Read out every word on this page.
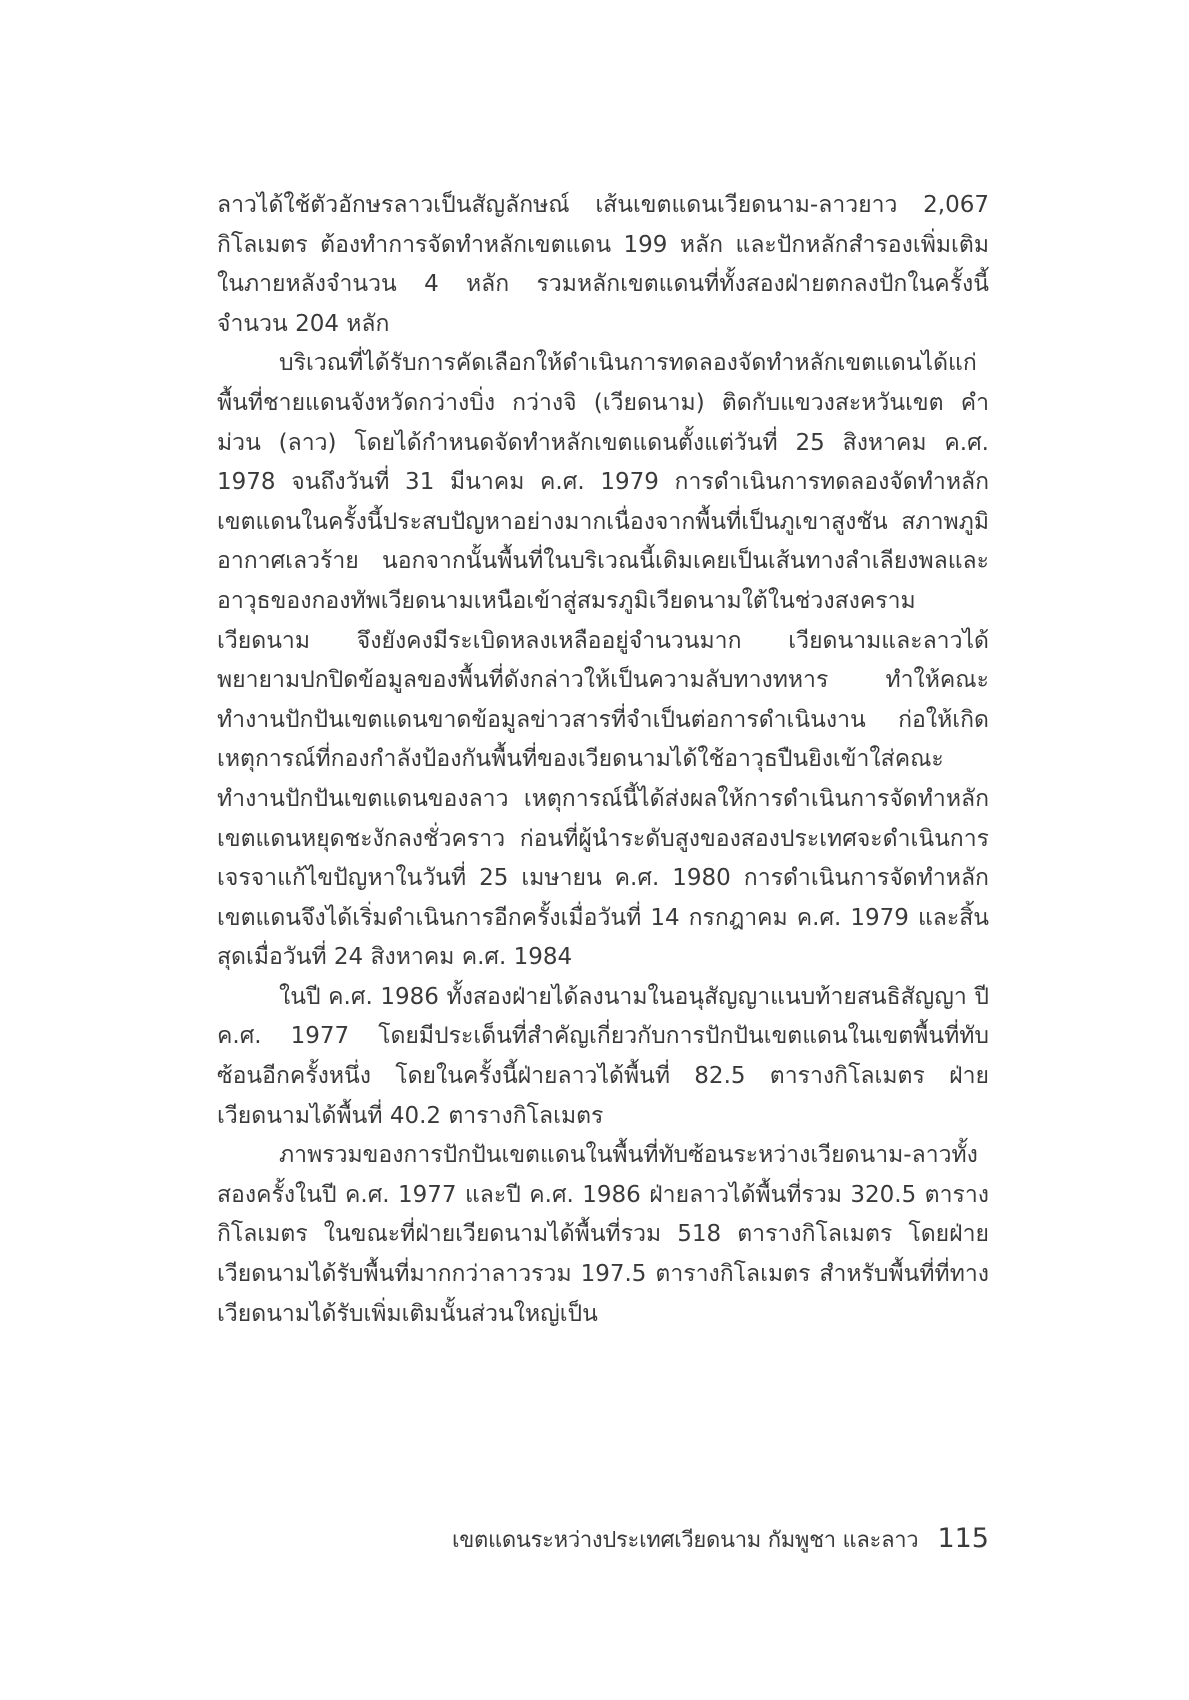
ลาวได้ใช้ตัวอักษรลาวเป็นสัญลักษณ์ เส้นเขตแดนเวียดนาม-ลาวยาว 2,067 กิโลเมตร ต้องทำการจัดทำหลักเขตแดน 199 หลัก และปักหลักสำรองเพิ่มเติมในภายหลังจำนวน 4 หลัก รวมหลักเขตแดนที่ทั้งสองฝ่ายตกลงปักในครั้งนี้จำนวน 204 หลัก

บริเวณที่ได้รับการคัดเลือกให้ดำเนินการทดลองจัดทำหลักเขตแดนได้แก่ พื้นที่ชายแดนจังหวัดกว่างบิ่ง กว่างจิ (เวียดนาม) ติดกับแขวงสะหวันเขต คำม่วน (ลาว) โดยได้กำหนดจัดทำหลักเขตแดนตั้งแต่วันที่ 25 สิงหาคม ค.ศ. 1978 จนถึงวันที่ 31 มีนาคม ค.ศ. 1979 การดำเนินการทดลองจัดทำหลักเขตแดนในครั้งนี้ประสบปัญหาอย่างมากเนื่องจากพื้นที่เป็นภูเขาสูงชัน สภาพภูมิอากาศเลวร้าย นอกจากนั้นพื้นที่ในบริเวณนี้เดิมเคยเป็นเส้นทางลำเลียงพลและอาวุธของกองทัพเวียดนามเหนือเข้าสู่สมรภูมิเวียดนามใต้ในช่วงสงครามเวียดนาม จึงยังคงมีระเบิดหลงเหลืออยู่จำนวนมาก เวียดนามและลาวได้พยายามปกปิดข้อมูลของพื้นที่ดังกล่าวให้เป็นความลับทางทหาร ทำให้คณะทำงานปักปันเขตแดนขาดข้อมูลข่าวสารที่จำเป็นต่อการดำเนินงาน ก่อให้เกิดเหตุการณ์ที่กองกำลังป้องกันพื้นที่ของเวียดนามได้ใช้อาวุธปืนยิงเข้าใส่คณะทำงานปักปันเขตแดนของลาว เหตุการณ์นี้ได้ส่งผลให้การดำเนินการจัดทำหลักเขตแดนหยุดชะงักลงชั่วคราว ก่อนที่ผู้นำระดับสูงของสองประเทศจะดำเนินการเจรจาแก้ไขปัญหาในวันที่ 25 เมษายน ค.ศ. 1980 การดำเนินการจัดทำหลักเขตแดนจึงได้เริ่มดำเนินการอีกครั้งเมื่อวันที่ 14 กรกฎาคม ค.ศ. 1979 และสิ้นสุดเมื่อวันที่ 24 สิงหาคม ค.ศ. 1984

ในปี ค.ศ. 1986 ทั้งสองฝ่ายได้ลงนามในอนุสัญญาแนบท้ายสนธิสัญญา ปี ค.ศ. 1977 โดยมีประเด็นที่สำคัญเกี่ยวกับการปักปันเขตแดนในเขตพื้นที่ทับซ้อนอีกครั้งหนึ่ง โดยในครั้งนี้ฝ่ายลาวได้พื้นที่ 82.5 ตารางกิโลเมตร ฝ่ายเวียดนามได้พื้นที่ 40.2 ตารางกิโลเมตร

ภาพรวมของการปักปันเขตแดนในพื้นที่ทับซ้อนระหว่างเวียดนาม-ลาวทั้งสองครั้งในปี ค.ศ. 1977 และปี ค.ศ. 1986 ฝ่ายลาวได้พื้นที่รวม 320.5 ตารางกิโลเมตร ในขณะที่ฝ่ายเวียดนามได้พื้นที่รวม 518 ตารางกิโลเมตร โดยฝ่ายเวียดนามได้รับพื้นที่มากกว่าลาวรวม 197.5 ตารางกิโลเมตร สำหรับพื้นที่ที่ทางเวียดนามได้รับเพิ่มเติมนั้นส่วนใหญ่เป็น

เขตแดนระหว่างประเทศเวียดนาม กัมพูชา และลาว 115
